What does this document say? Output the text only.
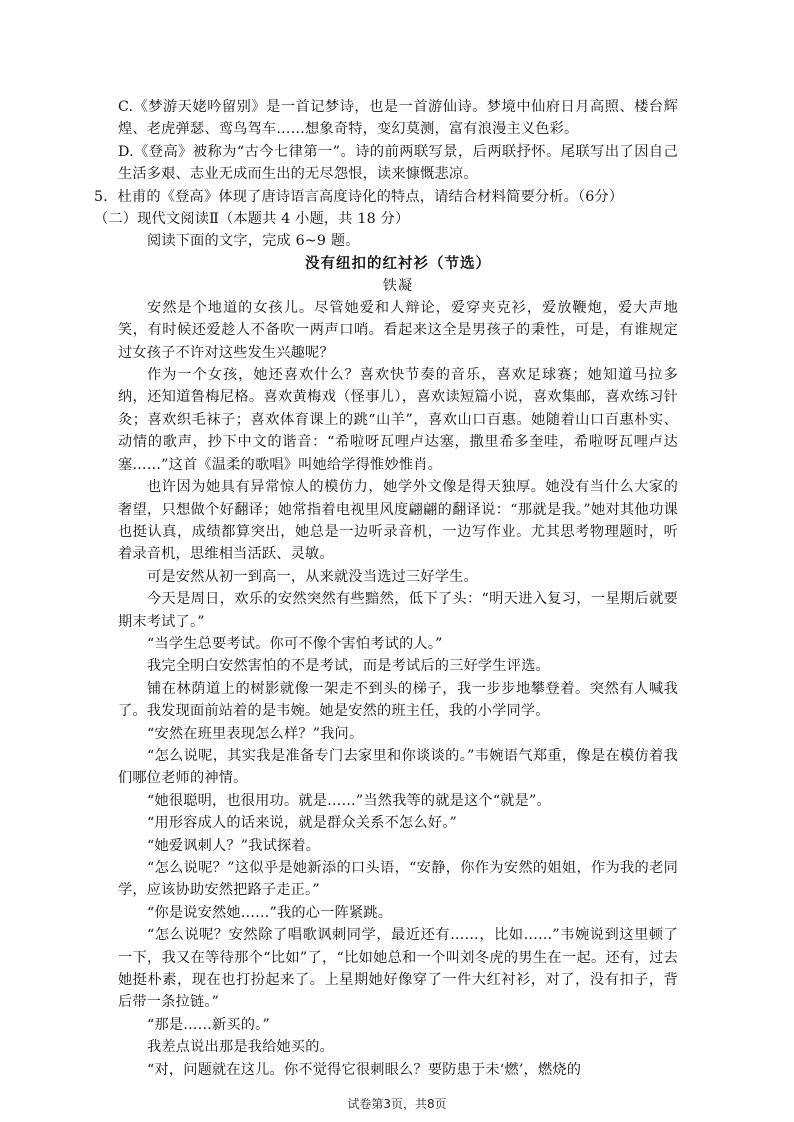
C.《梦游天姥吟留别》是一首记梦诗，也是一首游仙诗。梦境中仙府日月高照、楼台辉煌、老虎弹瑟、鸾鸟驾车……想象奇特，变幻莫测，富有浪漫主义色彩。

D.《登高》被称为“古今七律第一”。诗的前两联写景，后两联抒怀。尾联写出了因自己生活多艰、志业无成而生出的无尽怨恨，读来慷慨悲凉。

5．杜甫的《登高》体现了唐诗语言高度诗化的特点，请结合材料简要分析。（6分）

（二）现代文阅读Ⅱ（本题共 4 小题，共 18 分）

阅读下面的文字，完成 6~9 题。

没有纽扣的红衬衫（节选）

铁凝

安然是个地道的女孩儿。尽管她爱和人辩论，爱穿夹克衫，爱放鞭炮，爱大声地笑，有时候还爱趁人不备吹一两声口哨。看起来这全是男孩子的秉性，可是，有谁规定过女孩子不许对这些发生兴趣呢？

作为一个女孩，她还喜欢什么？喜欢快节奏的音乐，喜欢足球赛；她知道马拉多纳，还知道鲁梅尼格。喜欢黄梅戏（怪事儿），喜欢读短篇小说，喜欢集邮，喜欢练习针灸；喜欢织毛袜子；喜欢体育课上的跳“山羊”，喜欢山口百惠。她随着山口百惠朴实、动情的歌声，抄下中文的谐音：“希啦呀瓦哩卢达塞，撒里希多奎哇，希啦呀瓦哩卢达塞……”这首《温柔的歌唱》叫她给学得惟妙惟肖。

也许因为她具有异常惊人的模仿力，她学外文像是得天独厚。她没有当什么大家的奢望，只想做个好翻译；她常指着电视里风度翩翩的翻译说：“那就是我。”她对其他功课也挺认真，成绩都算突出，她总是一边听录音机，一边写作业。尤其思考物理题时，听着录音机，思维相当活跃、灵敏。

可是安然从初一到高一，从来就没当选过三好学生。

今天是周日，欢乐的安然突然有些黯然，低下了头：“明天进入复习，一星期后就要期末考试了。”

“当学生总要考试。你可不像个害怕考试的人。”

我完全明白安然害怕的不是考试，而是考试后的三好学生评选。

铺在林荫道上的树影就像一架走不到头的梯子，我一步步地攀登着。突然有人喊我了。我发现面前站着的是韦婉。她是安然的班主任，我的小学同学。

“安然在班里表现怎么样？”我问。

“怎么说呢，其实我是准备专门去家里和你谈谈的。”韦婉语气郑重，像是在模仿着我们哪位老师的神情。

“她很聪明，也很用功。就是……”当然我等的就是这个“就是”。

“用形容成人的话来说，就是群众关系不怎么好。”

“她爱讽刺人？”我试探着。

“怎么说呢？”这似乎是她新添的口头语，“安静，你作为安然的姐姐，作为我的老同学，应该协助安然把路子走正。”

“你是说安然她……”我的心一阵紧跳。

“怎么说呢？安然除了唱歌讽刺同学，最近还有……，比如……”韦婉说到这里顿了一下，我又在等待那个“比如”了，“比如她总和一个叫刘冬虎的男生在一起。还有，过去她挺朴素，现在也打扮起来了。上星期她好像穿了一件大红衬衫，对了，没有扣子，背后带一条拉链。”

“那是……新买的。”

我差点说出那是我给她买的。

“对，问题就在这儿。你不觉得它很刺眼么？要防患于未‘燃’，燃烧的

试卷第3页，共8页
